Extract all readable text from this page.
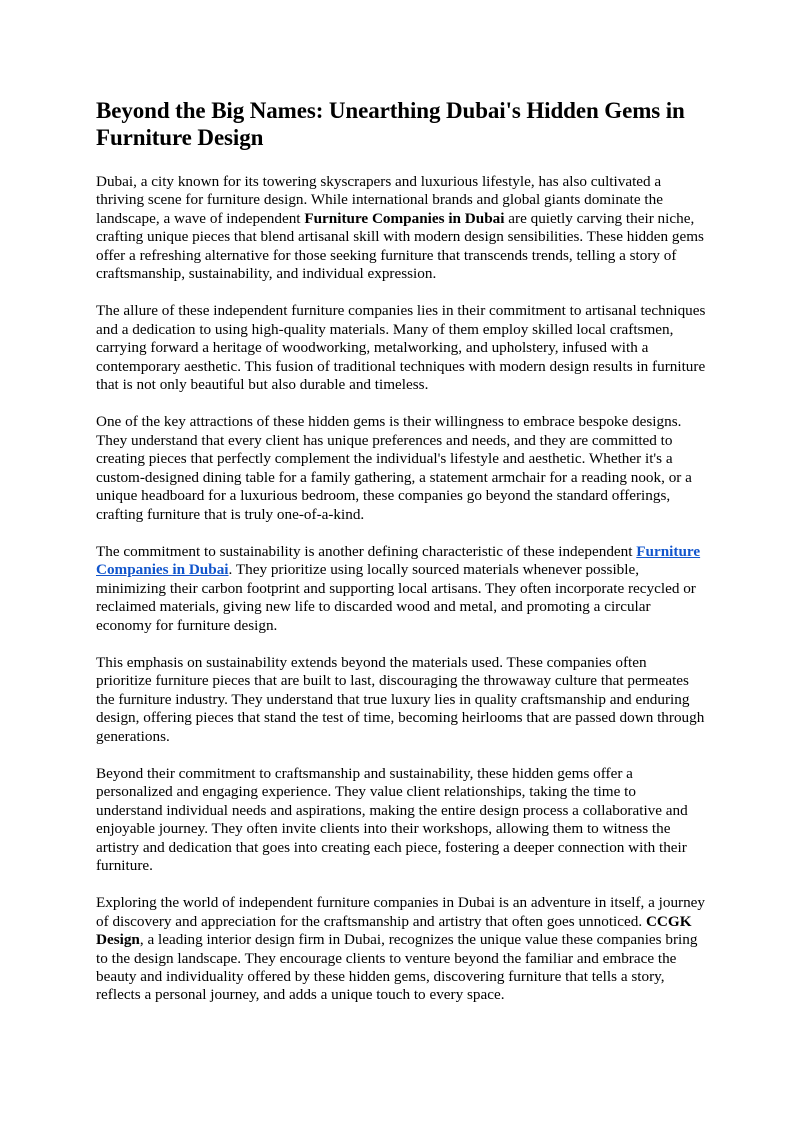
Beyond the Big Names: Unearthing Dubai's Hidden Gems in Furniture Design

Dubai, a city known for its towering skyscrapers and luxurious lifestyle, has also cultivated a thriving scene for furniture design. While international brands and global giants dominate the landscape, a wave of independent Furniture Companies in Dubai are quietly carving their niche, crafting unique pieces that blend artisanal skill with modern design sensibilities. These hidden gems offer a refreshing alternative for those seeking furniture that transcends trends, telling a story of craftsmanship, sustainability, and individual expression.

The allure of these independent furniture companies lies in their commitment to artisanal techniques and a dedication to using high-quality materials. Many of them employ skilled local craftsmen, carrying forward a heritage of woodworking, metalworking, and upholstery, infused with a contemporary aesthetic. This fusion of traditional techniques with modern design results in furniture that is not only beautiful but also durable and timeless.

One of the key attractions of these hidden gems is their willingness to embrace bespoke designs. They understand that every client has unique preferences and needs, and they are committed to creating pieces that perfectly complement the individual's lifestyle and aesthetic. Whether it's a custom-designed dining table for a family gathering, a statement armchair for a reading nook, or a unique headboard for a luxurious bedroom, these companies go beyond the standard offerings, crafting furniture that is truly one-of-a-kind.

The commitment to sustainability is another defining characteristic of these independent Furniture Companies in Dubai. They prioritize using locally sourced materials whenever possible, minimizing their carbon footprint and supporting local artisans. They often incorporate recycled or reclaimed materials, giving new life to discarded wood and metal, and promoting a circular economy for furniture design.

This emphasis on sustainability extends beyond the materials used. These companies often prioritize furniture pieces that are built to last, discouraging the throwaway culture that permeates the furniture industry. They understand that true luxury lies in quality craftsmanship and enduring design, offering pieces that stand the test of time, becoming heirlooms that are passed down through generations.

Beyond their commitment to craftsmanship and sustainability, these hidden gems offer a personalized and engaging experience. They value client relationships, taking the time to understand individual needs and aspirations, making the entire design process a collaborative and enjoyable journey. They often invite clients into their workshops, allowing them to witness the artistry and dedication that goes into creating each piece, fostering a deeper connection with their furniture.

Exploring the world of independent furniture companies in Dubai is an adventure in itself, a journey of discovery and appreciation for the craftsmanship and artistry that often goes unnoticed. CCGK Design, a leading interior design firm in Dubai, recognizes the unique value these companies bring to the design landscape. They encourage clients to venture beyond the familiar and embrace the beauty and individuality offered by these hidden gems, discovering furniture that tells a story, reflects a personal journey, and adds a unique touch to every space.
